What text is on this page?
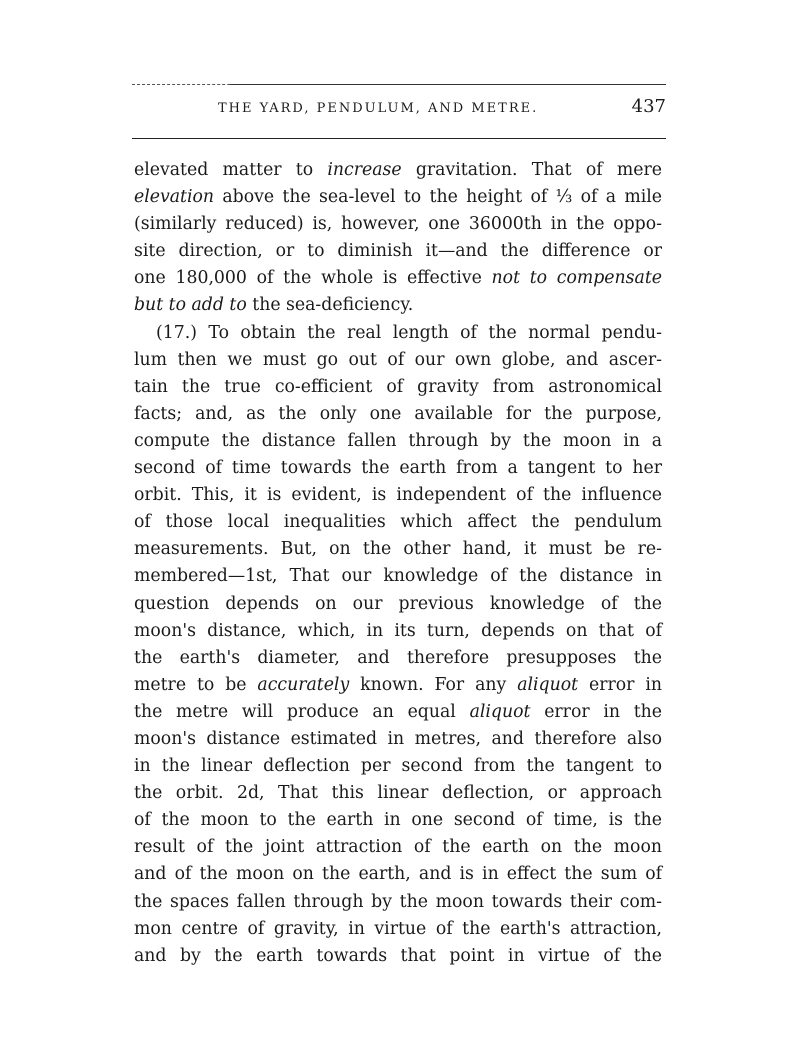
THE YARD, PENDULUM, AND METRE.	437
elevated matter to increase gravitation. That of mere
elevation above the sea-level to the height of ⅓ of a mile
(similarly reduced) is, however, one 36000th in the oppo-
site direction, or to diminish it—and the difference or
one 180,000 of the whole is effective not to compensate
but to add to the sea-deficiency.
(17.) To obtain the real length of the normal pendu-
lum then we must go out of our own globe, and ascer-
tain the true co-efficient of gravity from astronomical
facts; and, as the only one available for the purpose,
compute the distance fallen through by the moon in a
second of time towards the earth from a tangent to her
orbit. This, it is evident, is independent of the influence
of those local inequalities which affect the pendulum
measurements. But, on the other hand, it must be re-
membered—1st, That our knowledge of the distance in
question depends on our previous knowledge of the
moon's distance, which, in its turn, depends on that of
the earth's diameter, and therefore presupposes the
metre to be accurately known. For any aliquot error in
the metre will produce an equal aliquot error in the
moon's distance estimated in metres, and therefore also
in the linear deflection per second from the tangent to
the orbit. 2d, That this linear deflection, or approach
of the moon to the earth in one second of time, is the
result of the joint attraction of the earth on the moon
and of the moon on the earth, and is in effect the sum of
the spaces fallen through by the moon towards their com-
mon centre of gravity, in virtue of the earth's attraction,
and by the earth towards that point in virtue of the
